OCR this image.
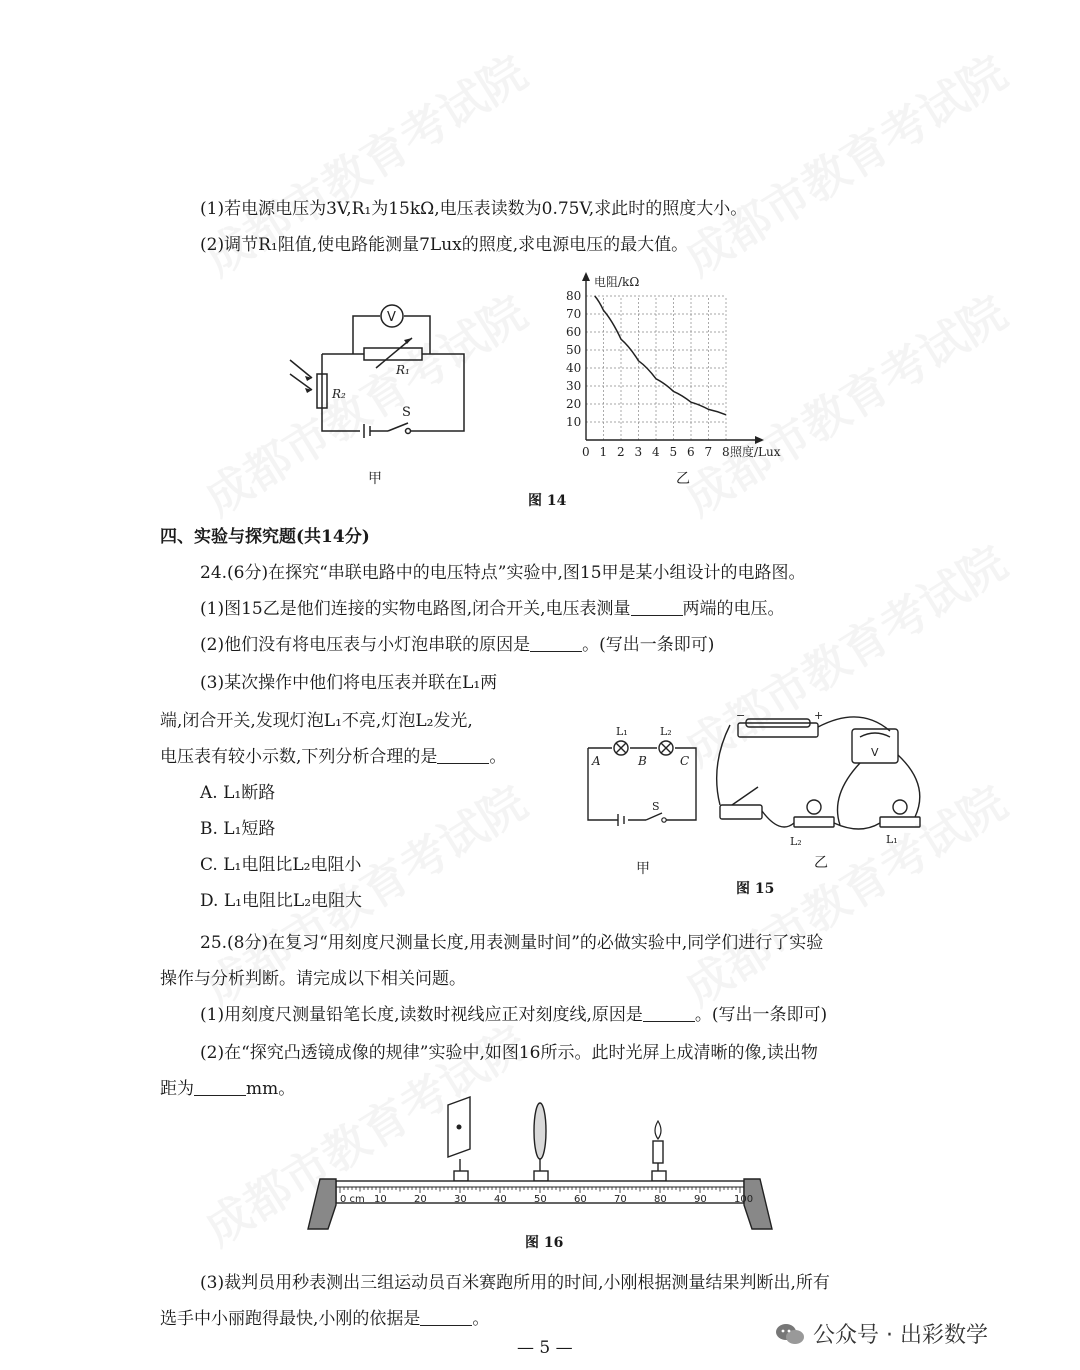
(1)若电源电压为3V,R₁为15kΩ,电压表读数为0.75V,求此时的照度大小。
(2)调节R₁阻值,使电路能测量7Lux的照度,求电源电压的最大值。
V
R₁
R₂
S
甲
0 1 2 3 4 5 6 7 8
10
20
30
40
50
60
70
80
电阻/kΩ
照度/Lux
乙
图 14
四、实验与探究题(共14分)
24.(6分)在探究“串联电路中的电压特点”实验中,图15甲是某小组设计的电路图。
(1)图15乙是他们连接的实物电路图,闭合开关,电压表测量	两端的电压。
(2)他们没有将电压表与小灯泡串联的原因是	。(写出一条即可)
(3)某次操作中他们将电压表并联在L₁两
端,闭合开关,发现灯泡L₁不亮,灯泡L₂发光,
电压表有较小示数,下列分析合理的是	。
A. L₁断路
B. L₁短路
C. L₁电阻比L₂电阻小
D. L₁电阻比L₂电阻大
A	B	C
L₁	L₂
S
甲
−	+
V
L₂	L₁
乙
图 15
25.(8分)在复习“用刻度尺测量长度,用表测量时间”的必做实验中,同学们进行了实验
操作与分析判断。请完成以下相关问题。
(1)用刻度尺测量铅笔长度,读数时视线应正对刻度线,原因是	。(写出一条即可)
(2)在“探究凸透镜成像的规律”实验中,如图16所示。此时光屏上成清晰的像,读出物
距为	mm。
0 cm 10	20	30	40	50	60	70	80	90	100
图 16
(3)裁判员用秒表测出三组运动员百米赛跑所用的时间,小刚根据测量结果判断出,所有
选手中小丽跑得最快,小刚的依据是	。
— 5 —	公众号 · 出彩数学
